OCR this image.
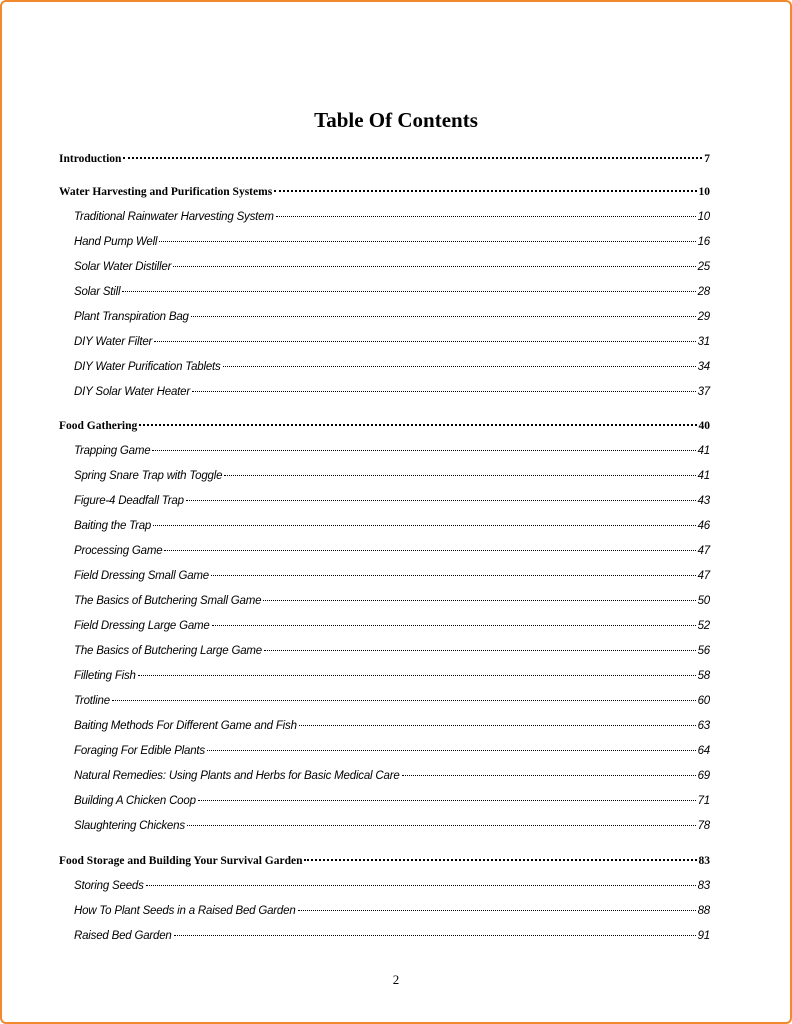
Table Of Contents
Introduction	7
Water Harvesting and Purification Systems	10
Traditional Rainwater Harvesting System	10
Hand Pump Well	16
Solar Water Distiller	25
Solar Still	28
Plant Transpiration Bag	29
DIY Water Filter	31
DIY Water Purification Tablets	34
DIY Solar Water Heater	37
Food Gathering	40
Trapping Game	41
Spring Snare Trap with Toggle	41
Figure-4 Deadfall Trap	43
Baiting the Trap	46
Processing Game	47
Field Dressing Small Game	47
The Basics of Butchering Small Game	50
Field Dressing Large Game	52
The Basics of Butchering Large Game	56
Filleting Fish	58
Trotline	60
Baiting Methods For Different Game and Fish	63
Foraging For Edible Plants	64
Natural Remedies: Using Plants and Herbs for Basic Medical Care	69
Building A Chicken Coop	71
Slaughtering Chickens	78
Food Storage and Building Your Survival Garden	83
Storing Seeds	83
How To Plant Seeds in a Raised Bed Garden	88
Raised Bed Garden	91
2
